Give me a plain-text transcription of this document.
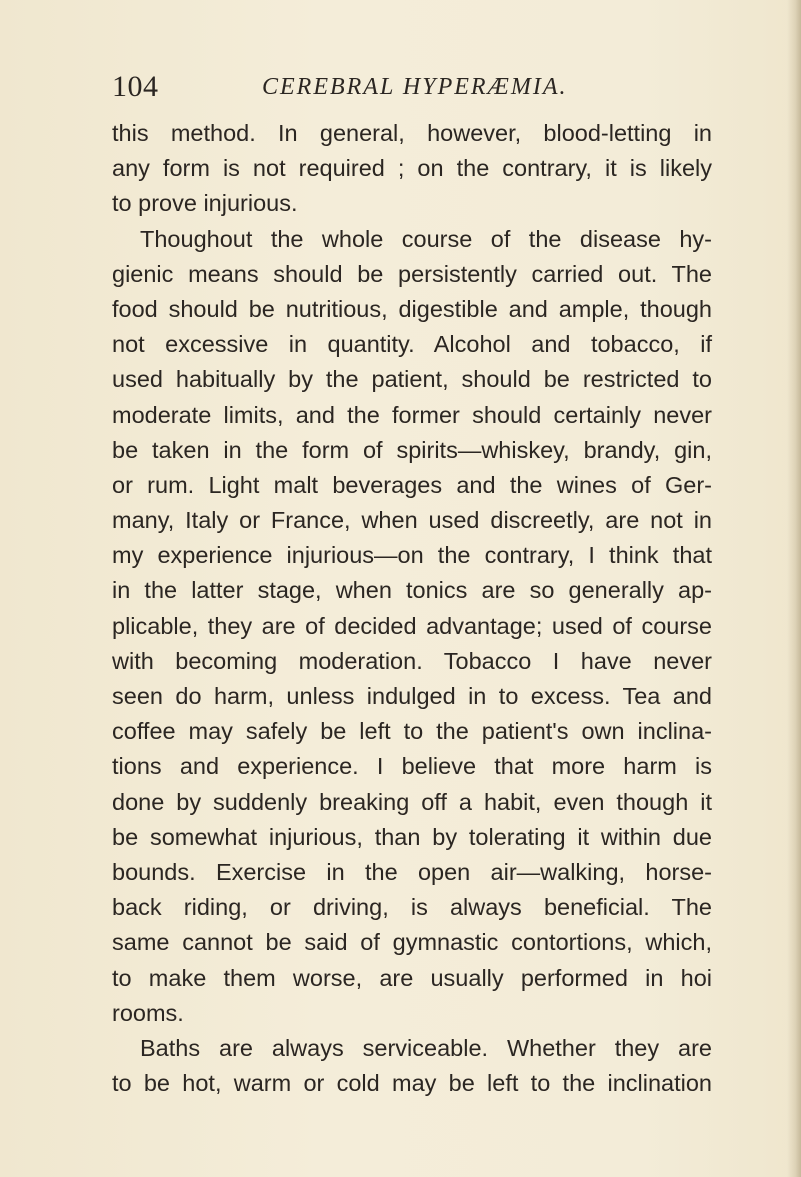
104	CEREBRAL HYPERÆMIA.
this method. In general, however, blood-letting in
any form is not required ; on the contrary, it is likely
to prove injurious.
Thoughout the whole course of the disease hy-
gienic means should be persistently carried out. The
food should be nutritious, digestible and ample, though
not excessive in quantity. Alcohol and tobacco, if
used habitually by the patient, should be restricted to
moderate limits, and the former should certainly never
be taken in the form of spirits—whiskey, brandy, gin,
or rum. Light malt beverages and the wines of Ger-
many, Italy or France, when used discreetly, are not in
my experience injurious—on the contrary, I think that
in the latter stage, when tonics are so generally ap-
plicable, they are of decided advantage; used of course
with becoming moderation. Tobacco I have never
seen do harm, unless indulged in to excess. Tea and
coffee may safely be left to the patient's own inclina-
tions and experience. I believe that more harm is
done by suddenly breaking off a habit, even though it
be somewhat injurious, than by tolerating it within due
bounds. Exercise in the open air—walking, horse-
back riding, or driving, is always beneficial. The
same cannot be said of gymnastic contortions, which,
to make them worse, are usually performed in hoi
rooms.
Baths are always serviceable. Whether they are
to be hot, warm or cold may be left to the inclination
